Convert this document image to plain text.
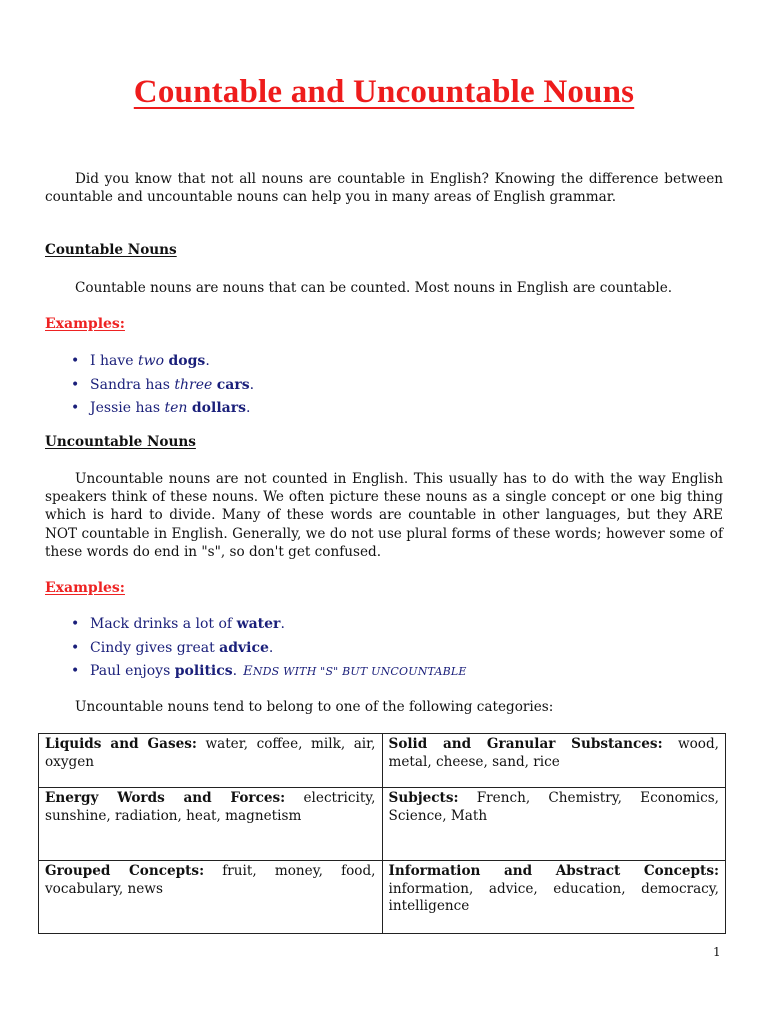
Countable and Uncountable Nouns

Did you know that not all nouns are countable in English? Knowing the difference between countable and uncountable nouns can help you in many areas of English grammar.

Countable Nouns

Countable nouns are nouns that can be counted. Most nouns in English are countable.

Examples:
• I have two dogs.
• Sandra has three cars.
• Jessie has ten dollars.
Uncountable Nouns

Uncountable nouns are not counted in English. This usually has to do with the way English speakers think of these nouns. We often picture these nouns as a single concept or one big thing which is hard to divide. Many of these words are countable in other languages, but they ARE NOT countable in English. Generally, we do not use plural forms of these words; however some of these words do end in "s", so don't get confused.

Examples:
• Mack drinks a lot of water.
• Cindy gives great advice.
• Paul enjoys politics. ENDS WITH "S" BUT UNCOUNTABLE

Uncountable nouns tend to belong to one of the following categories:

Liquids and Gases: water, coffee, milk, air, oxygen	Solid and Granular Substances: wood, metal, cheese, sand, rice
Energy Words and Forces: electricity, sunshine, radiation, heat, magnetism	Subjects: French, Chemistry, Economics, Science, Math
Grouped Concepts: fruit, money, food, vocabulary, news	Information and Abstract Concepts: information, advice, education, democracy, intelligence
1
